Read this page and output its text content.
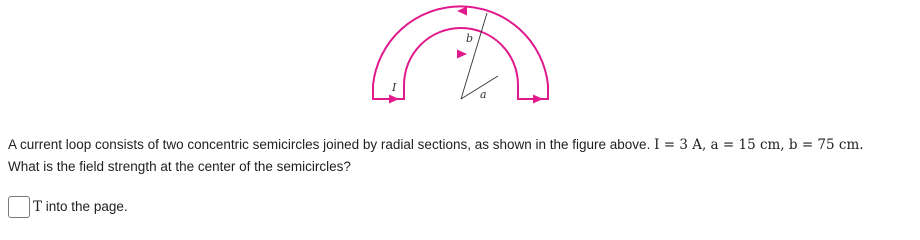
b
a
I

A current loop consists of two concentric semicircles joined by radial sections, as shown in the figure above. I = 3 A, a = 15 cm, b = 75 cm.

What is the field strength at the center of the semicircles?

T into the page.
